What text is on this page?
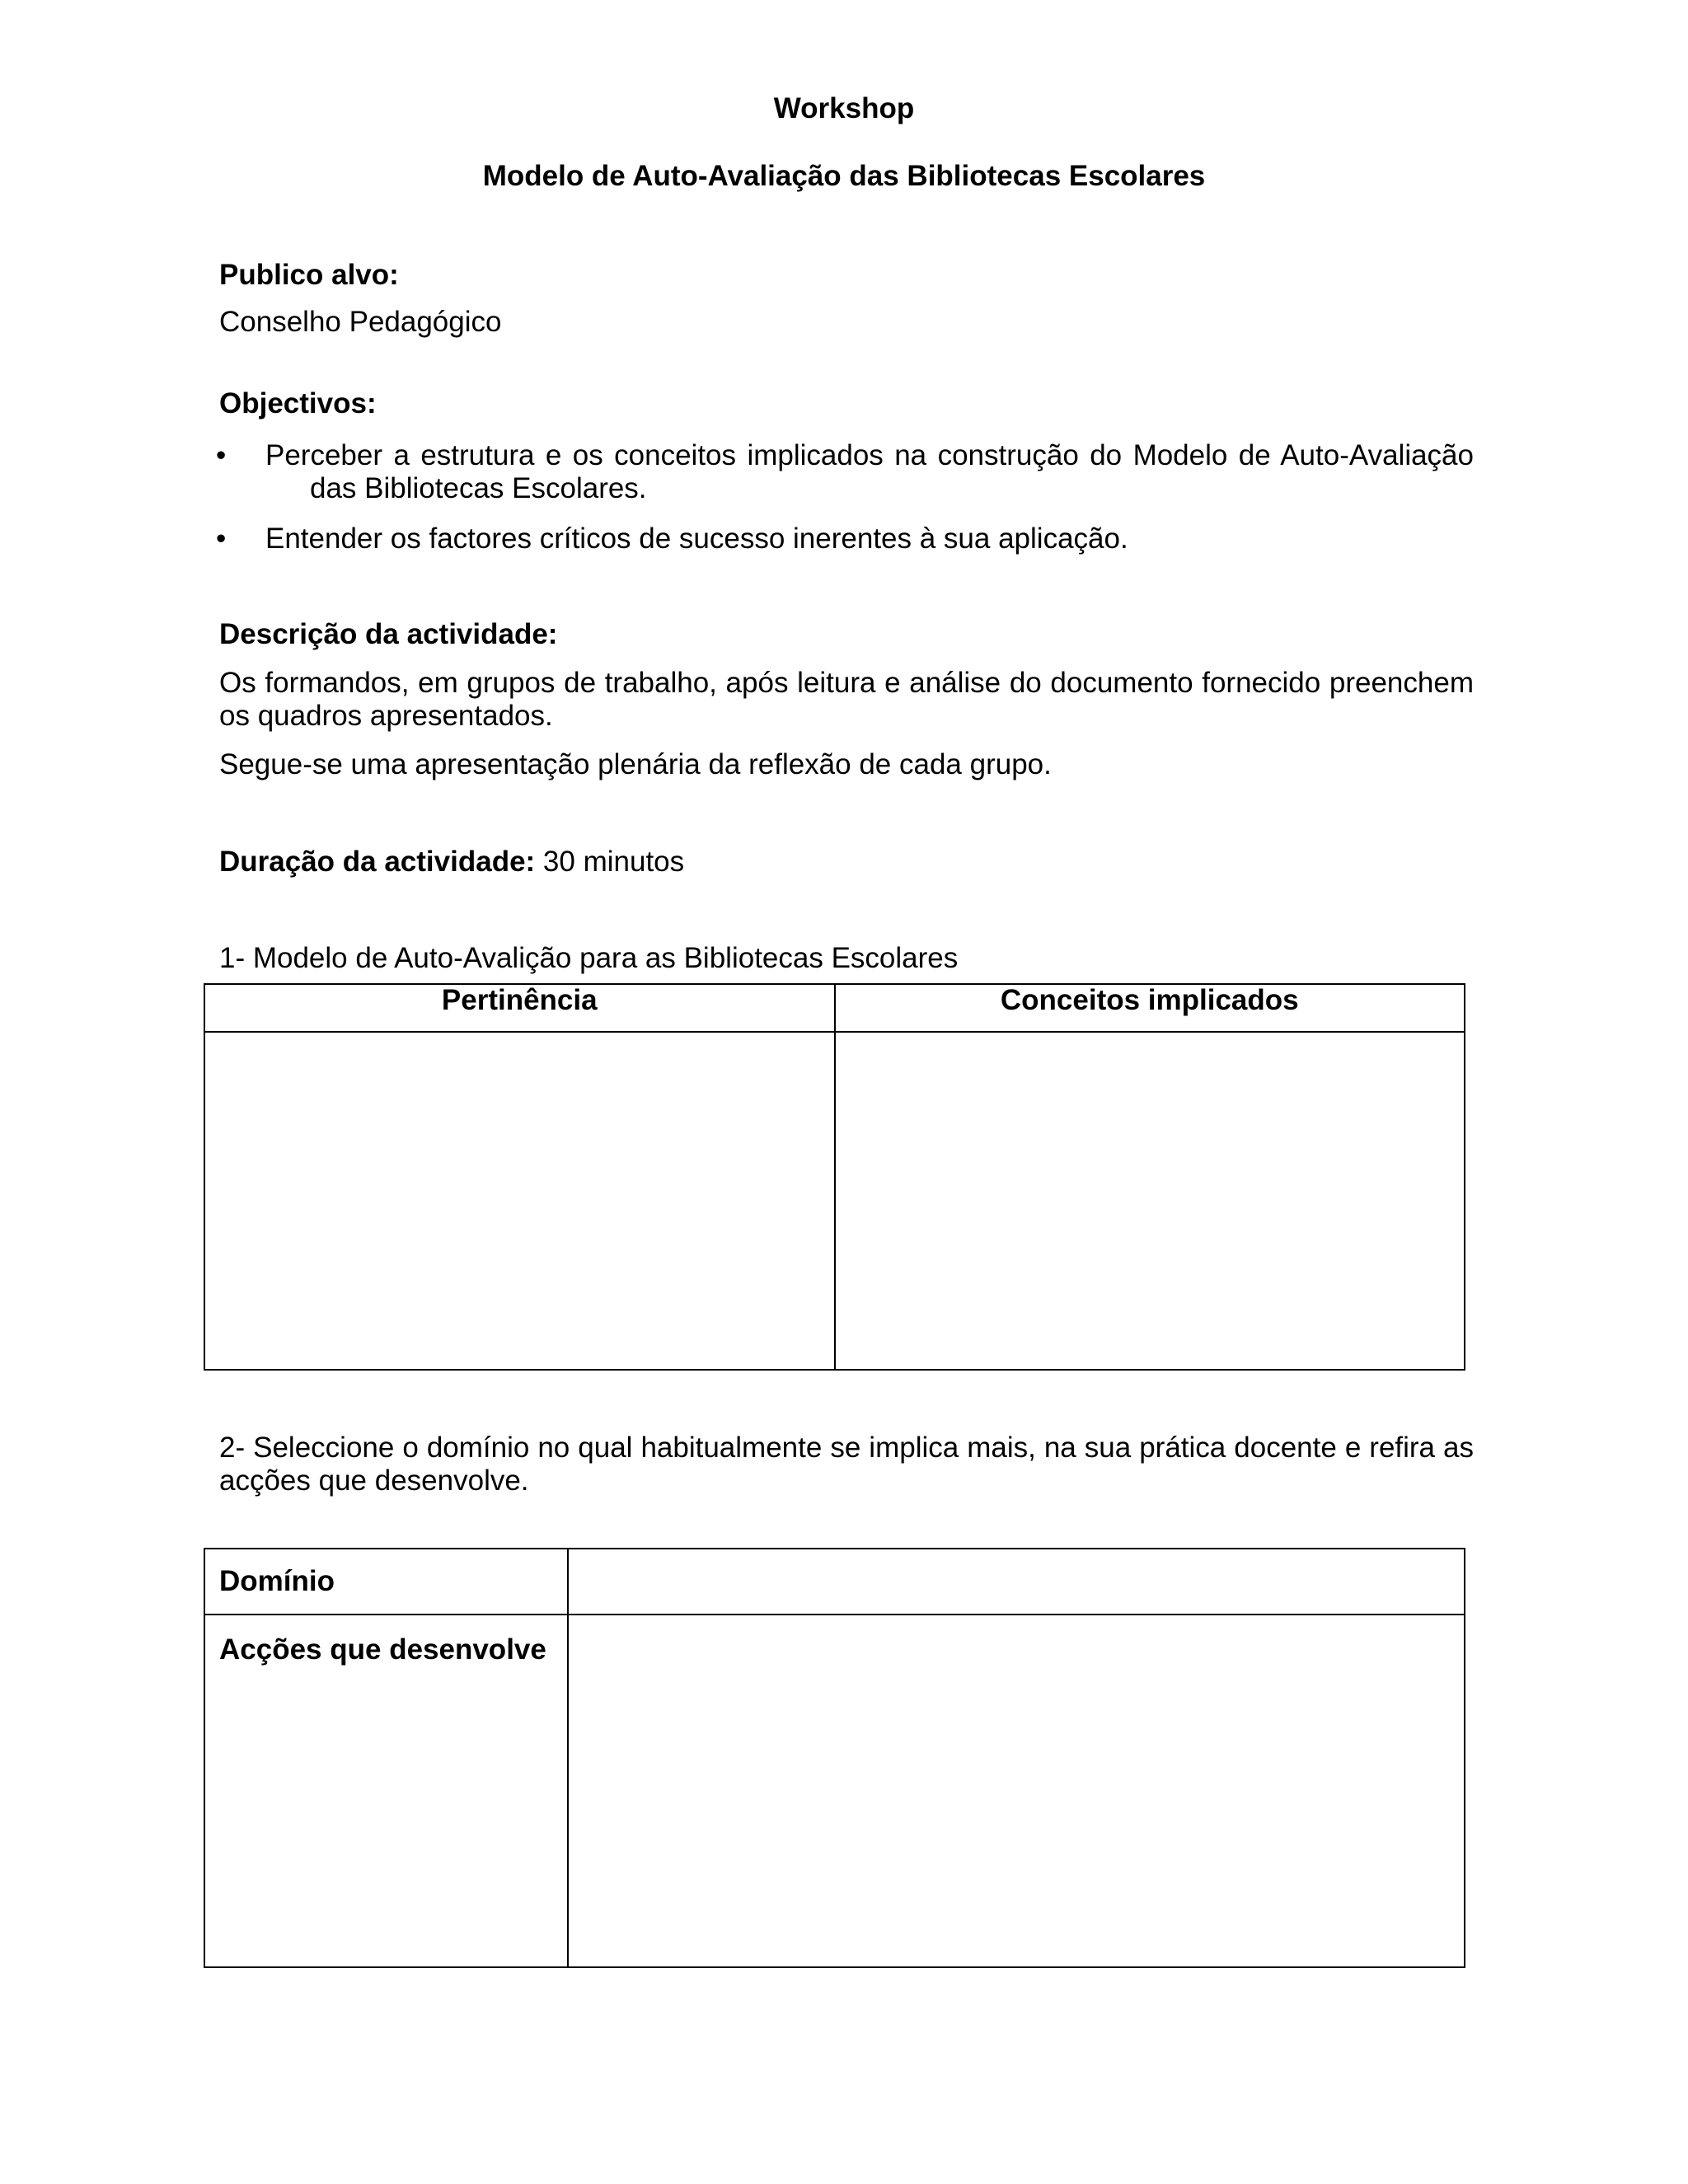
Workshop
Modelo de Auto-Avaliação das Bibliotecas Escolares
Publico alvo:
Conselho Pedagógico
Objectivos:
• Perceber a estrutura e os conceitos implicados na construção do Modelo de Auto-Avaliação
das Bibliotecas Escolares.
• Entender os factores críticos de sucesso inerentes à sua aplicação.
Descrição da actividade:
Os formandos, em grupos de trabalho, após leitura e análise do documento fornecido preenchem
os quadros apresentados.
Segue-se uma apresentação plenária da reflexão de cada grupo.
Duração da actividade: 30 minutos
1- Modelo de Auto-Avalição para as Bibliotecas Escolares
Pertinência	Conceitos implicados

2- Seleccione o domínio no qual habitualmente se implica mais, na sua prática docente e refira as
acções que desenvolve.
Domínio	
Acções que desenvolve	
